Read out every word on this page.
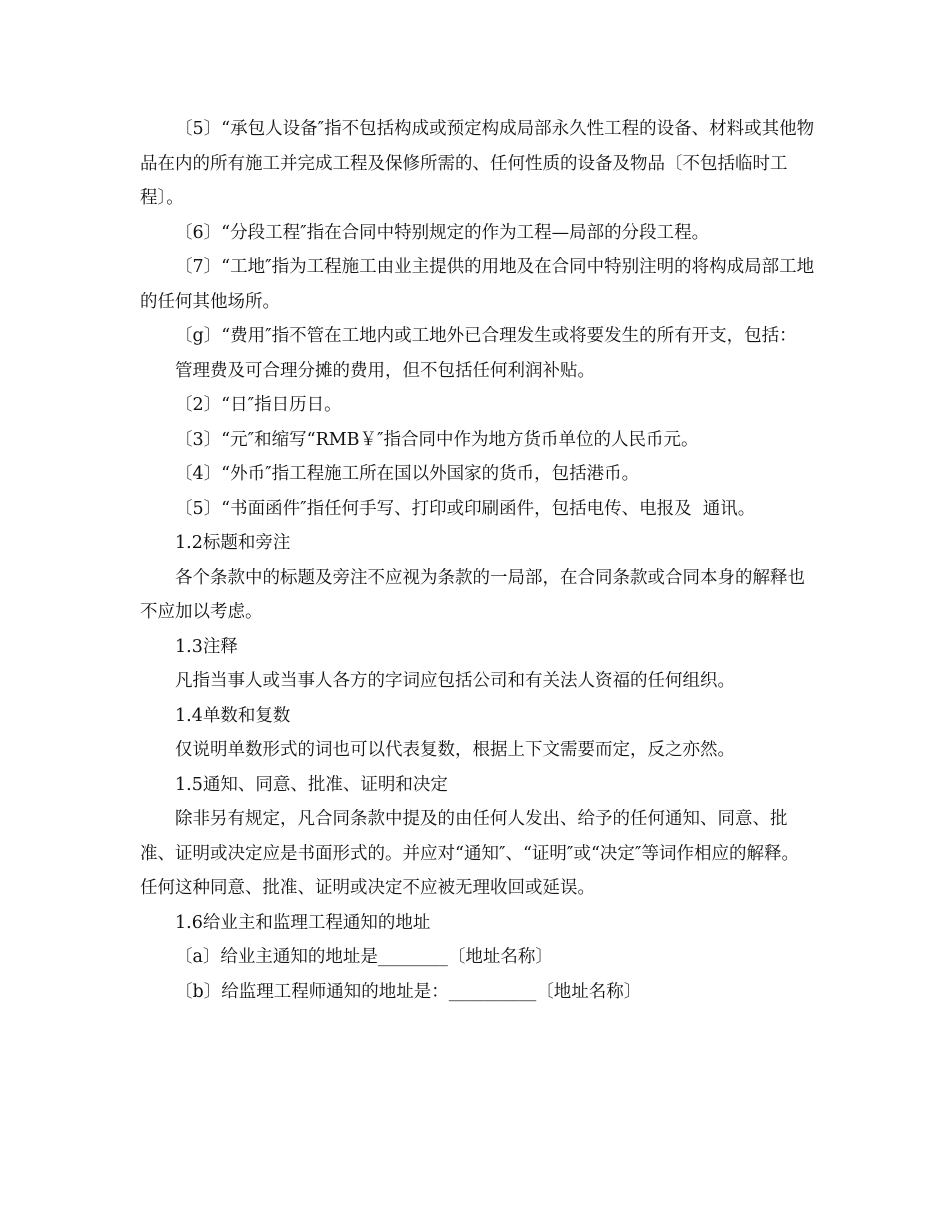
〔5〕“承包人设备″指不包括构成或预定构成局部永久性工程的设备、材料或其他物品在内的所有施工并完成工程及保修所需的、任何性质的设备及物品〔不包括临时工程〕。

〔6〕“分段工程″指在合同中特别规定的作为工程—局部的分段工程。

〔7〕“工地″指为工程施工由业主提供的用地及在合同中特别注明的将构成局部工地的任何其他场所。

〔g〕“费用″指不管在工地内或工地外已合理发生或将要发生的所有开支，包括：

管理费及可合理分摊的费用，但不包括任何利润补贴。

〔2〕“日″指日历日。

〔3〕“元″和缩写“RMB￥″指合同中作为地方货币单位的人民币元。

〔4〕“外币″指工程施工所在国以外国家的货币，包括港币。

〔5〕“书面函件″指任何手写、打印或印刷函件，包括电传、电报及  通讯。

1.2标题和旁注

各个条款中的标题及旁注不应视为条款的一局部，在合同条款或合同本身的解释也不应加以考虑。

1.3注释

凡指当事人或当事人各方的字词应包括公司和有关法人资福的任何组织。

1.4单数和复数

仅说明单数形式的词也可以代表复数，根据上下文需要而定，反之亦然。

1.5通知、同意、批准、证明和决定

除非另有规定，凡合同条款中提及的由任何人发出、给予的任何通知、同意、批准、证明或决定应是书面形式的。并应对“通知″、“证明″或“决定″等词作相应的解释。任何这种同意、批准、证明或决定不应被无理收回或延误。

1.6给业主和监理工程通知的地址

〔a〕给业主通知的地址是________〔地址名称〕

〔b〕给监理工程师通知的地址是：__________〔地址名称〕
